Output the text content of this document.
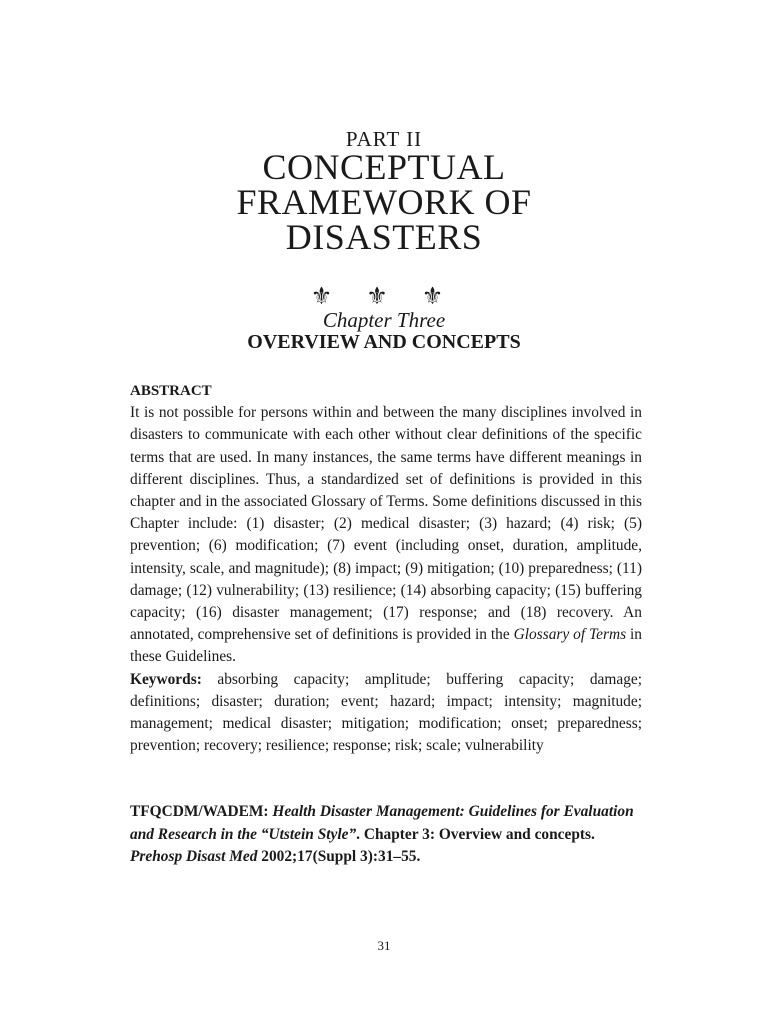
PART II
CONCEPTUAL
FRAMEWORK OF
DISASTERS
⚜ ⚜ ⚜
Chapter Three
OVERVIEW AND CONCEPTS
ABSTRACT
It is not possible for persons within and between the many disciplines involved in disasters to communicate with each other without clear definitions of the specific terms that are used. In many instances, the same terms have different meanings in different disciplines. Thus, a standardized set of definitions is provided in this chapter and in the associated Glossary of Terms. Some definitions discussed in this Chapter include: (1) disaster; (2) medical disaster; (3) hazard; (4) risk; (5) prevention; (6) modification; (7) event (including onset, duration, amplitude, intensity, scale, and magnitude); (8) impact; (9) mitigation; (10) preparedness; (11) damage; (12) vulnerability; (13) resilience; (14) absorbing capacity; (15) buffering capacity; (16) disaster management; (17) response; and (18) recovery. An annotated, comprehensive set of definitions is provided in the Glossary of Terms in these Guidelines.
Keywords: absorbing capacity; amplitude; buffering capacity; damage; definitions; disaster; duration; event; hazard; impact; intensity; magnitude; management; medical disaster; mitigation; modification; onset; preparedness; prevention; recovery; resilience; response; risk; scale; vulnerability
TFQCDM/WADEM: Health Disaster Management: Guidelines for Evaluation and Research in the “Utstein Style”. Chapter 3: Overview and concepts. Prehosp Disast Med 2002;17(Suppl 3):31–55.
31
